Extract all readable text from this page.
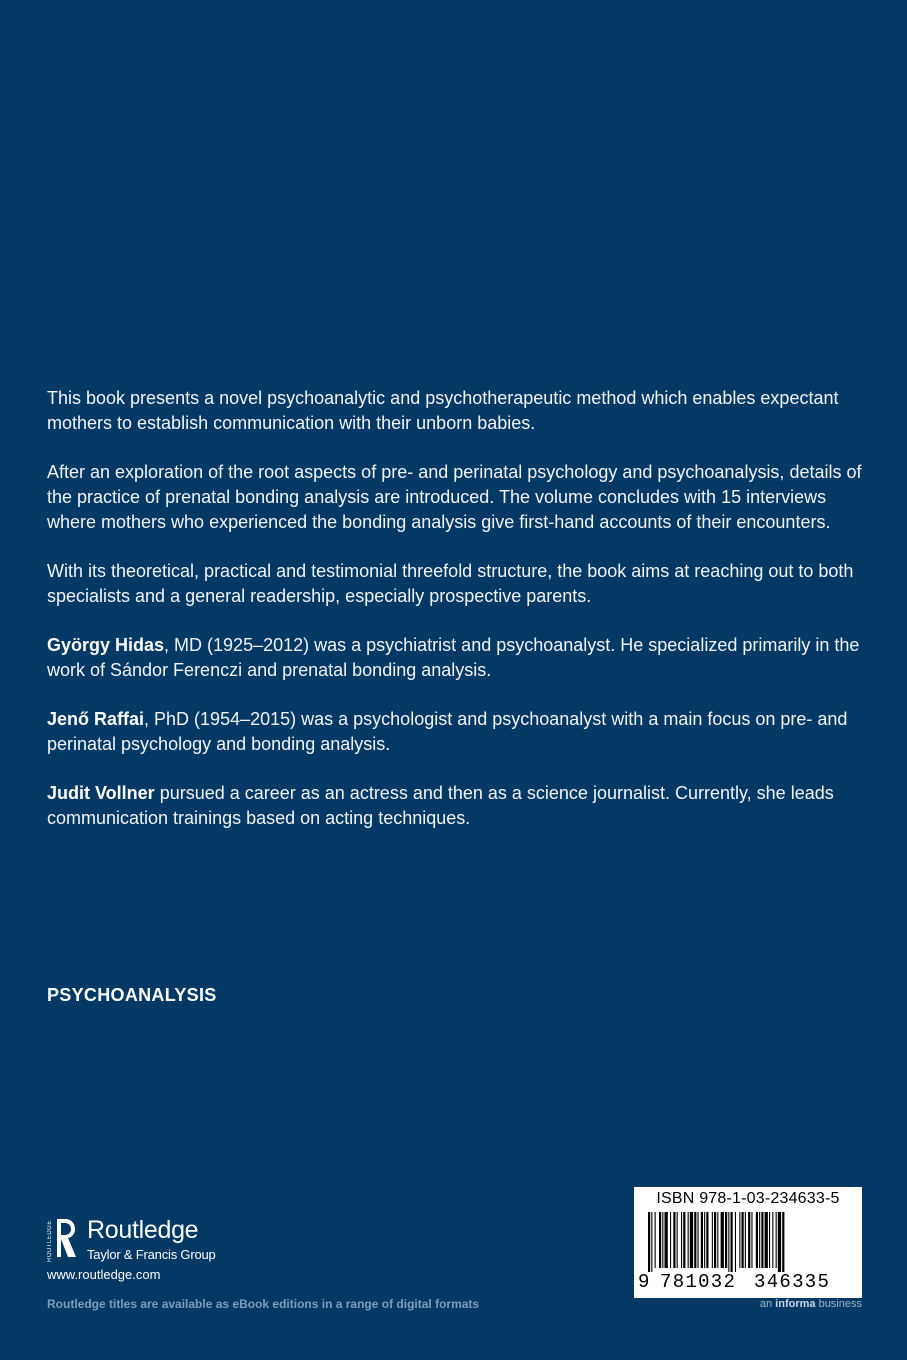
This book presents a novel psychoanalytic and psychotherapeutic method which enables expectant mothers to establish communication with their unborn babies.

After an exploration of the root aspects of pre- and perinatal psychology and psychoanalysis, details of the practice of prenatal bonding analysis are introduced. The volume concludes with 15 interviews where mothers who experienced the bonding analysis give first-hand accounts of their encounters.

With its theoretical, practical and testimonial threefold structure, the book aims at reaching out to both specialists and a general readership, especially prospective parents.

György Hidas, MD (1925–2012) was a psychiatrist and psychoanalyst. He specialized primarily in the work of Sándor Ferenczi and prenatal bonding analysis.

Jenő Raffai, PhD (1954–2015) was a psychologist and psychoanalyst with a main focus on pre- and perinatal psychology and bonding analysis.

Judit Vollner pursued a career as an actress and then as a science journalist. Currently, she leads communication trainings based on acting techniques.

PSYCHOANALYSIS
ROUTLEDGE Routledge
Taylor & Francis Group
www.routledge.com
Routledge titles are available as eBook editions in a range of digital formats
ISBN 978-1-03-234633-5
9 781032 346335
an informa business
